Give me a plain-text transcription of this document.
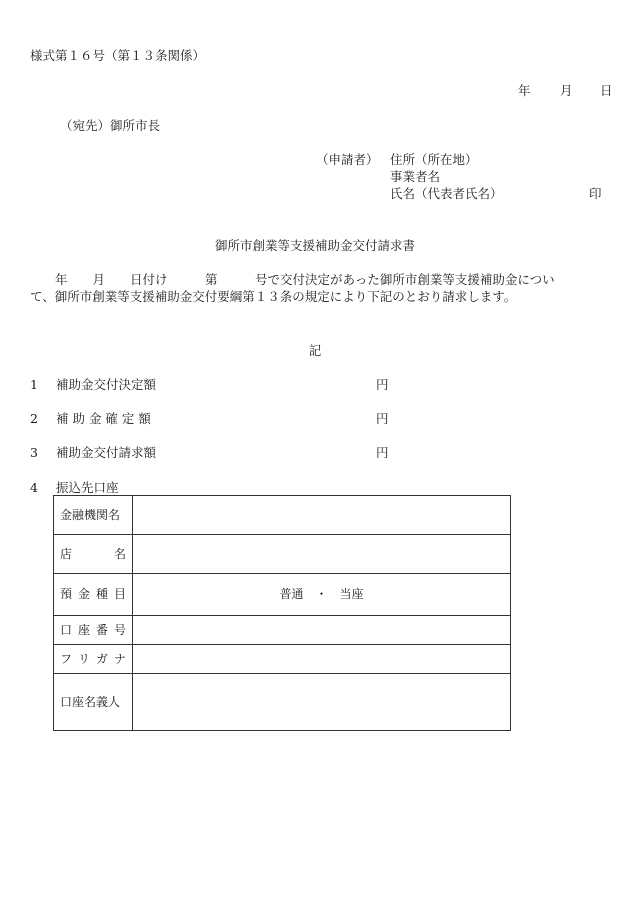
様式第１６号（第１３条関係）
年 月 日
（宛先）御所市長
（申請者） 住所（所在地）
事業者名
氏名（代表者氏名）	印
御所市創業等支援補助金交付請求書
　　年　　月　　日付け　　　第　　　号で交付決定があった御所市創業等支援補助金につい
て、御所市創業等支援補助金交付要綱第１３条の規定により下記のとおり請求します。
記
1 補助金交付決定額	円
2 補 助 金 確 定 額	円
3 補助金交付請求額	円
4 振込先口座
金融機関名	

店 名	

預 金 種 目	普通　・　当座

口 座 番 号	

フ リ ガ ナ	

口座名義人	
